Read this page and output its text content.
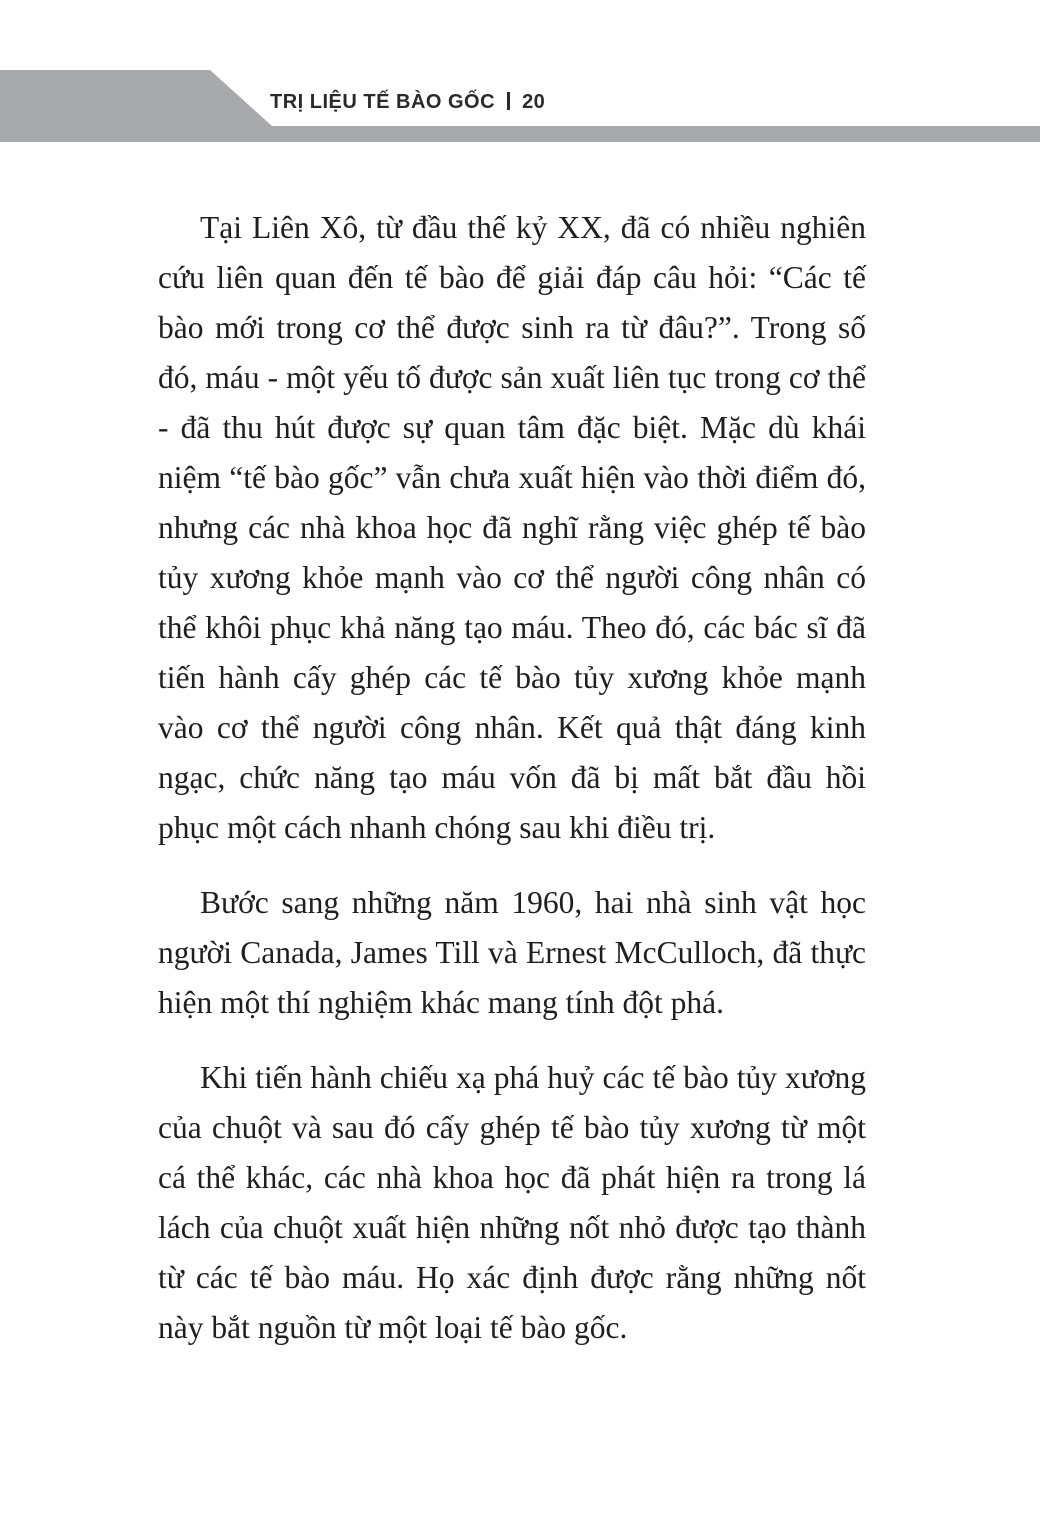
TRỊ LIỆU TẾ BÀO GỐC 20

Tại Liên Xô, từ đầu thế kỷ XX, đã có nhiều nghiên cứu liên quan đến tế bào để giải đáp câu hỏi: “Các tế bào mới trong cơ thể được sinh ra từ đâu?”. Trong số đó, máu - một yếu tố được sản xuất liên tục trong cơ thể - đã thu hút được sự quan tâm đặc biệt. Mặc dù khái niệm “tế bào gốc” vẫn chưa xuất hiện vào thời điểm đó, nhưng các nhà khoa học đã nghĩ rằng việc ghép tế bào tủy xương khỏe mạnh vào cơ thể người công nhân có thể khôi phục khả năng tạo máu. Theo đó, các bác sĩ đã tiến hành cấy ghép các tế bào tủy xương khỏe mạnh vào cơ thể người công nhân. Kết quả thật đáng kinh ngạc, chức năng tạo máu vốn đã bị mất bắt đầu hồi phục một cách nhanh chóng sau khi điều trị.

Bước sang những năm 1960, hai nhà sinh vật học người Canada, James Till và Ernest McCulloch, đã thực hiện một thí nghiệm khác mang tính đột phá.

Khi tiến hành chiếu xạ phá huỷ các tế bào tủy xương của chuột và sau đó cấy ghép tế bào tủy xương từ một cá thể khác, các nhà khoa học đã phát hiện ra trong lá lách của chuột xuất hiện những nốt nhỏ được tạo thành từ các tế bào máu. Họ xác định được rằng những nốt này bắt nguồn từ một loại tế bào gốc.
